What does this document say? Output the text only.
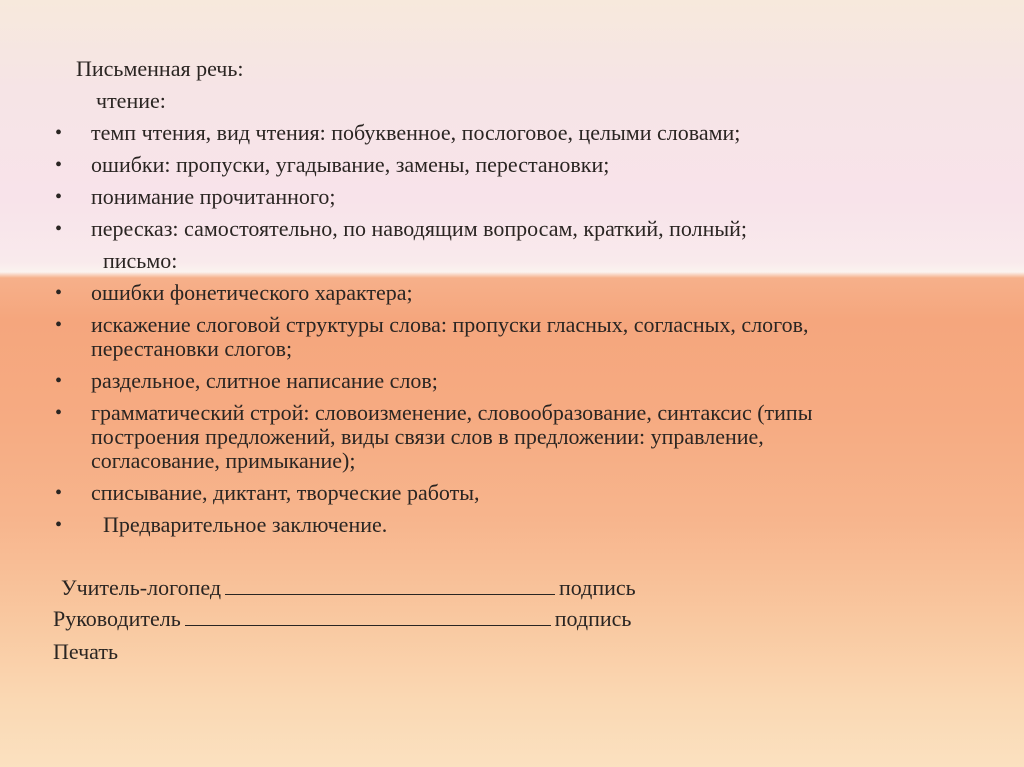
Письменная речь:
чтение:
• темп чтения, вид чтения: побуквенное, послоговое, целыми словами;
• ошибки: пропуски, угадывание, замены, перестановки;
• понимание прочитанного;
• пересказ: самостоятельно, по наводящим вопросам, краткий, полный;
письмо:
• ошибки фонетического характера;
• искажение слоговой структуры слова: пропуски гласных, согласных, слогов,
перестановки слогов;
• раздельное, слитное написание слов;
• грамматический строй: словоизменение, словообразование, синтаксис (типы
построения предложений, виды связи слов в предложении: управление,
согласование, примыкание);
• списывание, диктант, творческие работы,
• Предварительное заключение.
Учитель-логопед	подпись
Руководитель	подпись
Печать
